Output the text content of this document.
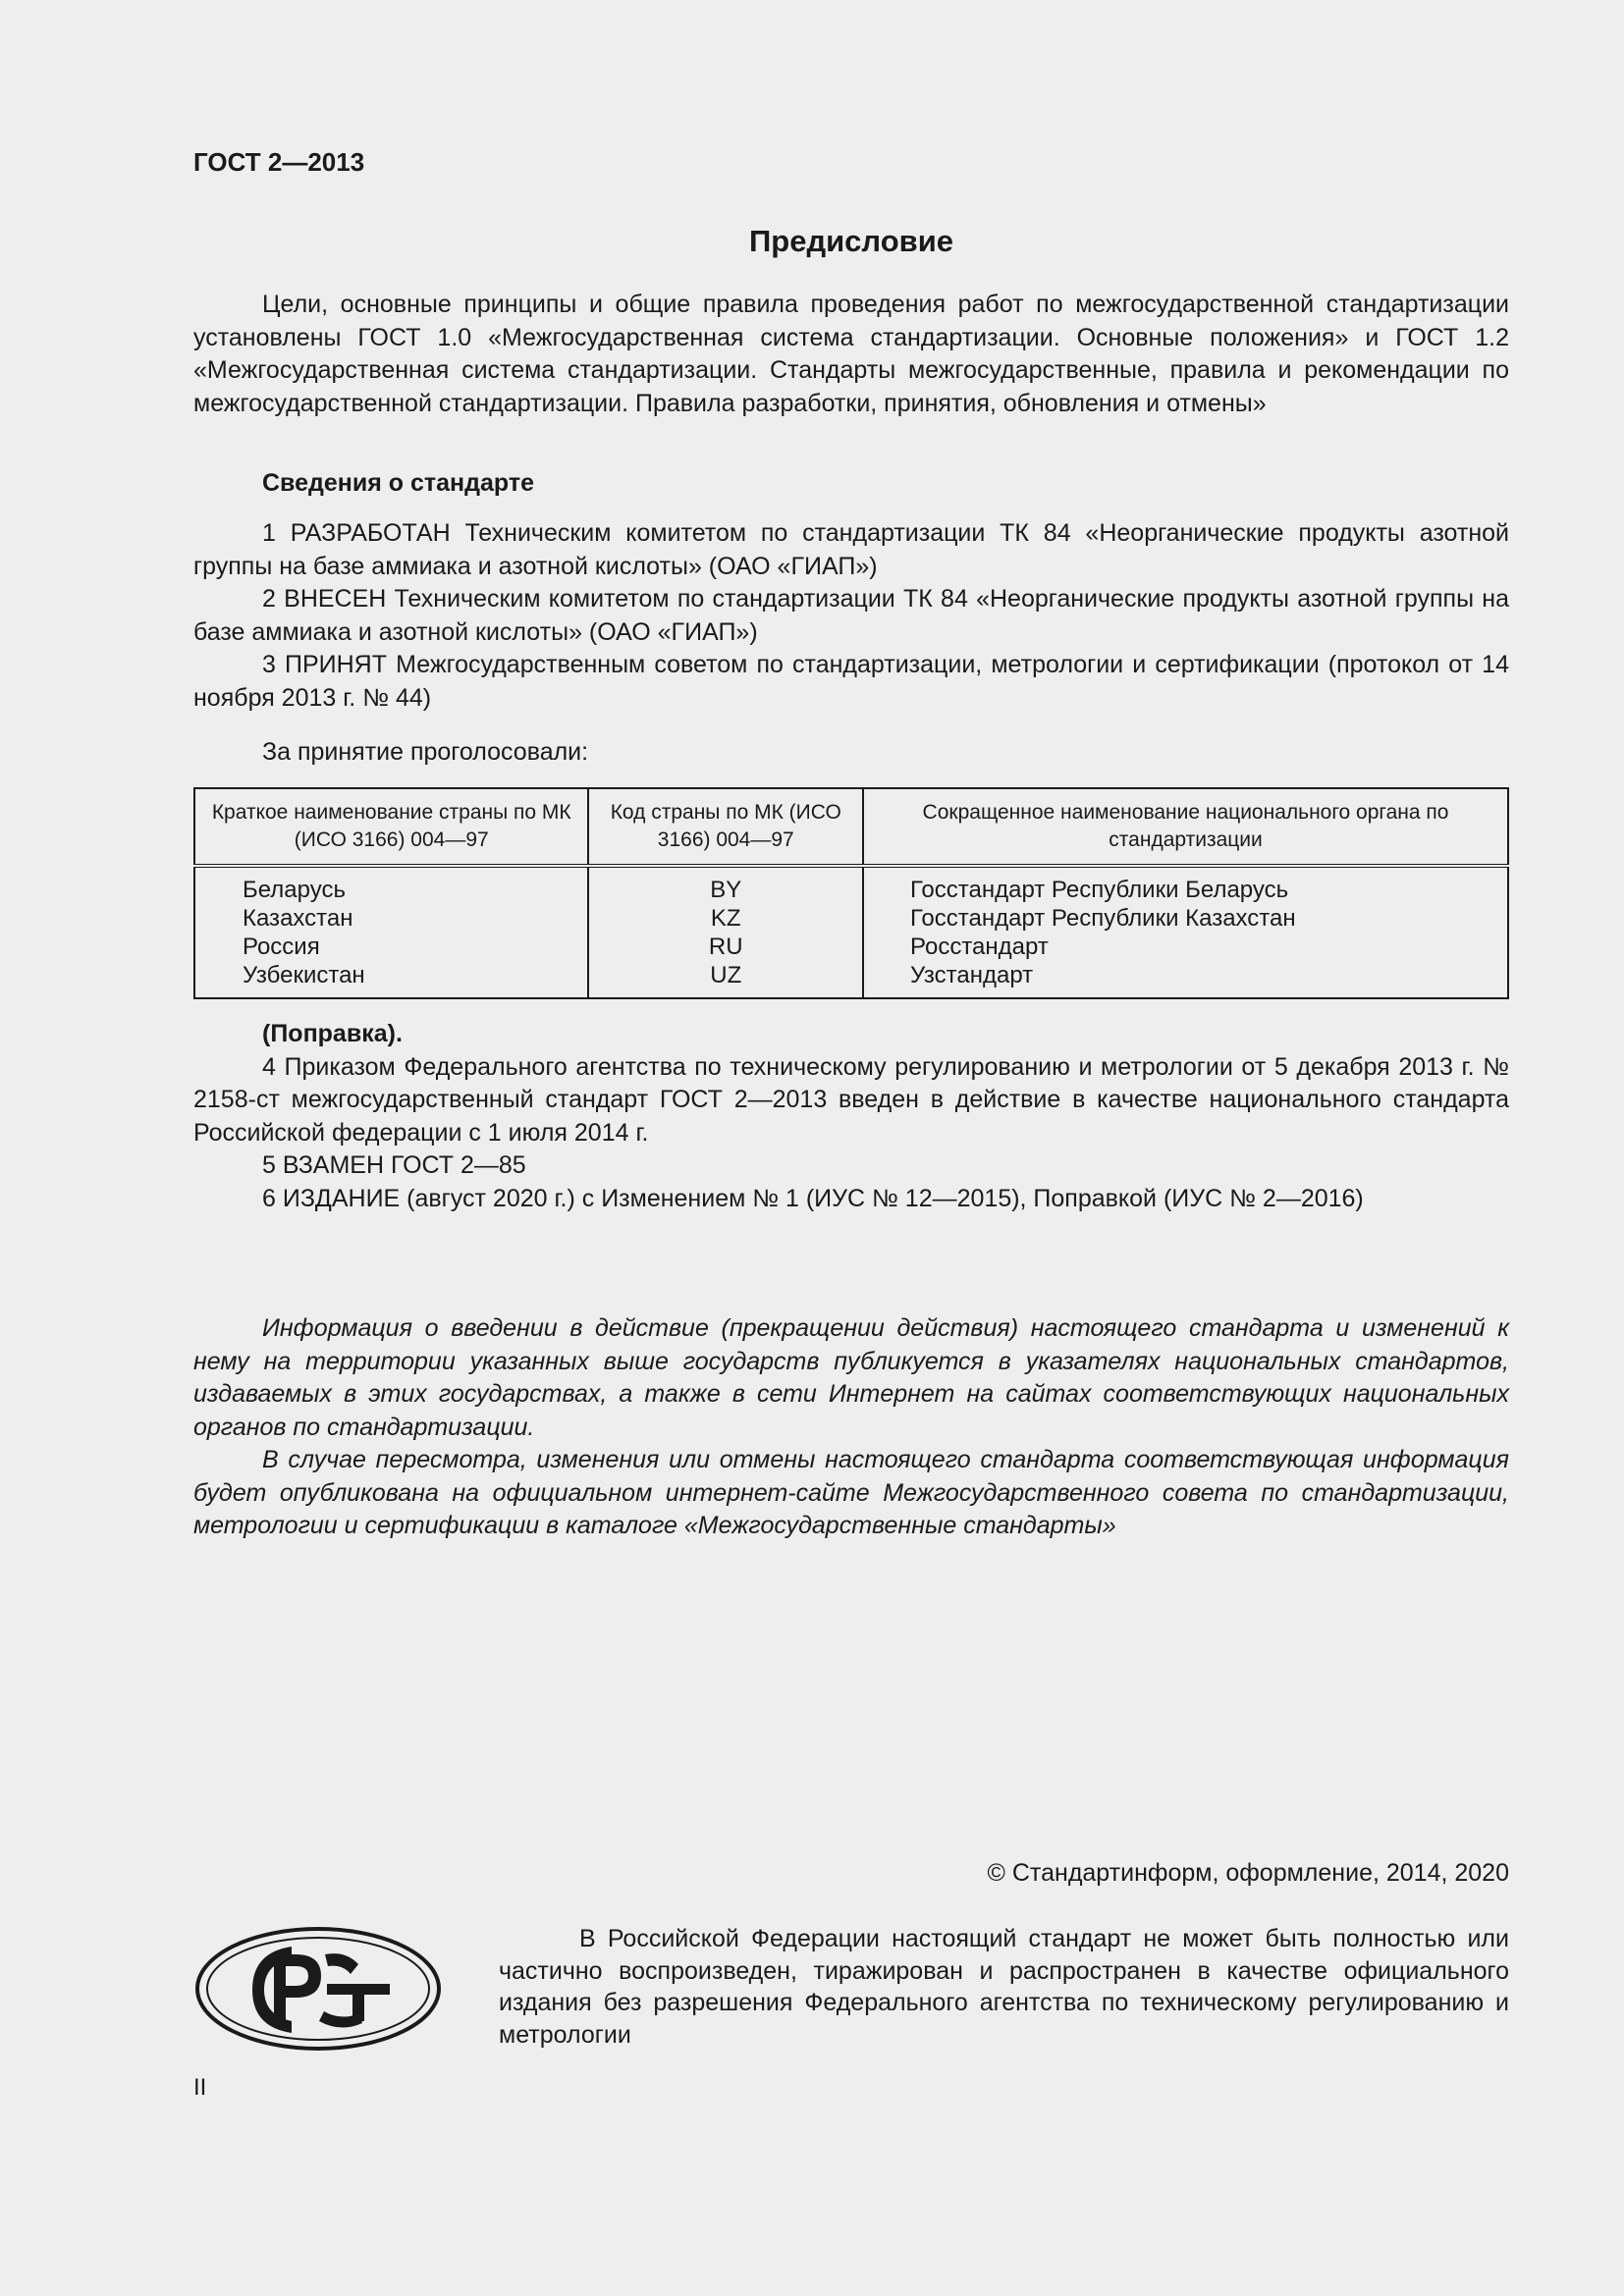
ГОСТ 2—2013
Предисловие

Цели, основные принципы и общие правила проведения работ по межгосударственной стандартизации установлены ГОСТ 1.0 «Межгосударственная система стандартизации. Основные положения» и ГОСТ 1.2 «Межгосударственная система стандартизации. Стандарты межгосударственные, правила и рекомендации по межгосударственной стандартизации. Правила разработки, принятия, обновления и отмены»

Сведения о стандарте

1 РАЗРАБОТАН Техническим комитетом по стандартизации ТК 84 «Неорганические продукты азотной группы на базе аммиака и азотной кислоты» (ОАО «ГИАП»)

2 ВНЕСЕН Техническим комитетом по стандартизации ТК 84 «Неорганические продукты азотной группы на базе аммиака и азотной кислоты» (ОАО «ГИАП»)

3 ПРИНЯТ Межгосударственным советом по стандартизации, метрологии и сертификации (протокол от 14 ноября 2013 г. № 44)

За принятие проголосовали:

Краткое наименование страны по МК (ИСО 3166) 004—97	Код страны по МК (ИСО 3166) 004—97	Сокращенное наименование национального органа по стандартизации
Беларусь	BY	Госстандарт Республики Беларусь
Казахстан	KZ	Госстандарт Республики Казахстан
Россия	RU	Росстандарт
Узбекистан	UZ	Узстандарт

(Поправка).

4 Приказом Федерального агентства по техническому регулированию и метрологии от 5 декабря 2013 г. № 2158-ст межгосударственный стандарт ГОСТ 2—2013 введен в действие в качестве национального стандарта Российской федерации с 1 июля 2014 г.

5 ВЗАМЕН ГОСТ 2—85

6 ИЗДАНИЕ (август 2020 г.) с Изменением № 1 (ИУС № 12—2015), Поправкой (ИУС № 2—2016)

Информация о введении в действие (прекращении действия) настоящего стандарта и изменений к нему на территории указанных выше государств публикуется в указателях национальных стандартов, издаваемых в этих государствах, а также в сети Интернет на сайтах соответствующих национальных органов по стандартизации.

В случае пересмотра, изменения или отмены настоящего стандарта соответствующая информация будет опубликована на официальном интернет-сайте Межгосударственного совета по стандартизации, метрологии и сертификации в каталоге «Межгосударственные стандарты»

© Стандартинформ, оформление, 2014, 2020

В Российской Федерации настоящий стандарт не может быть полностью или частично воспроизведен, тиражирован и распространен в качестве официального издания без разрешения Федерального агентства по техническому регулированию и метрологии

II
